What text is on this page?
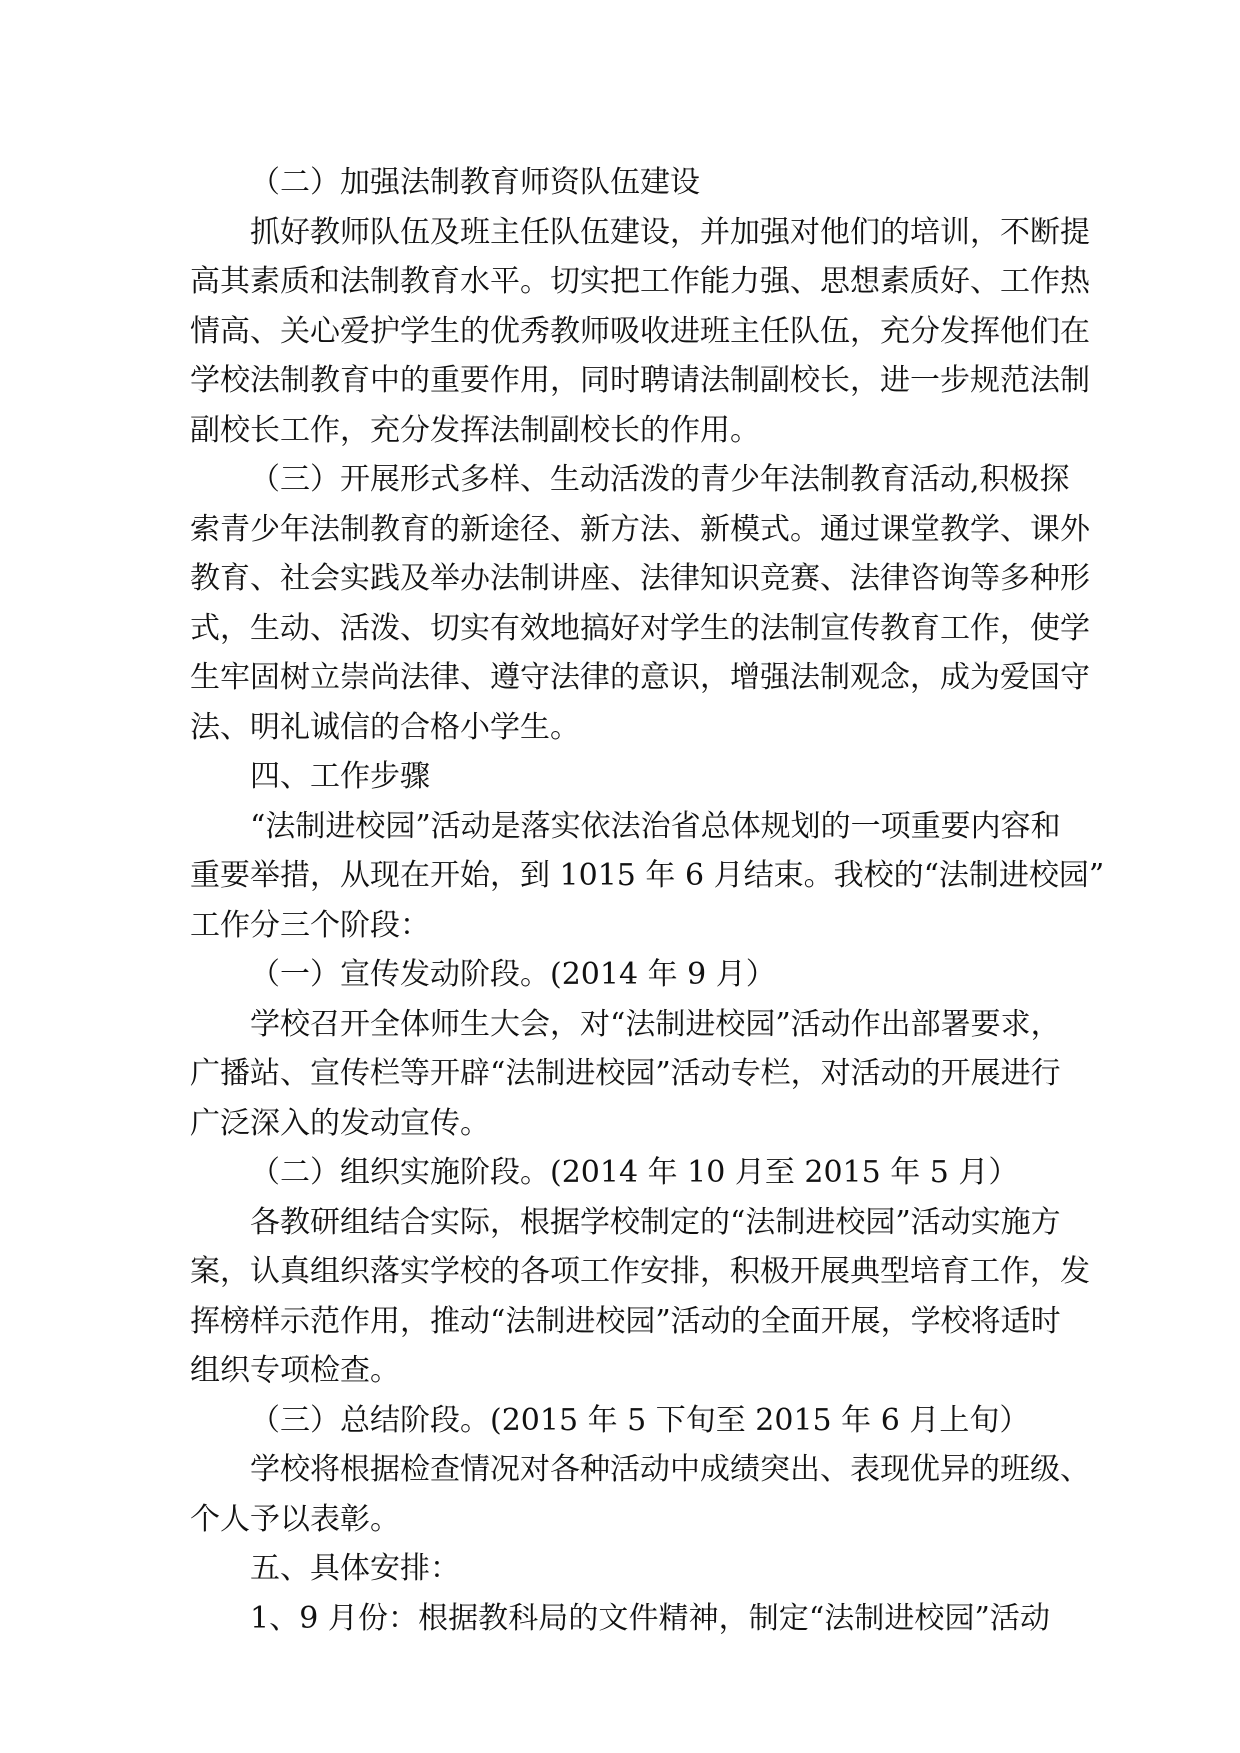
（二）加强法制教育师资队伍建设
抓好教师队伍及班主任队伍建设，并加强对他们的培训，不断提
高其素质和法制教育水平。切实把工作能力强、思想素质好、工作热
情高、关心爱护学生的优秀教师吸收进班主任队伍，充分发挥他们在
学校法制教育中的重要作用，同时聘请法制副校长，进一步规范法制
副校长工作，充分发挥法制副校长的作用。
（三）开展形式多样、生动活泼的青少年法制教育活动,积极探
索青少年法制教育的新途径、新方法、新模式。通过课堂教学、课外
教育、社会实践及举办法制讲座、法律知识竞赛、法律咨询等多种形
式，生动、活泼、切实有效地搞好对学生的法制宣传教育工作，使学
生牢固树立崇尚法律、遵守法律的意识，增强法制观念，成为爱国守
法、明礼诚信的合格小学生。
四、工作步骤
“法制进校园”活动是落实依法治省总体规划的一项重要内容和
重要举措，从现在开始，到 1015 年 6 月结束。我校的“法制进校园”
工作分三个阶段：
（一）宣传发动阶段。(2014 年 9 月）
学校召开全体师生大会，对“法制进校园”活动作出部署要求，
广播站、宣传栏等开辟“法制进校园”活动专栏，对活动的开展进行
广泛深入的发动宣传。
（二）组织实施阶段。(2014 年 10 月至 2015 年 5 月）
各教研组结合实际，根据学校制定的“法制进校园”活动实施方
案，认真组织落实学校的各项工作安排，积极开展典型培育工作，发
挥榜样示范作用，推动“法制进校园”活动的全面开展，学校将适时
组织专项检查。
（三）总结阶段。(2015 年 5 下旬至 2015 年 6 月上旬）
学校将根据检查情况对各种活动中成绩突出、表现优异的班级、
个人予以表彰。
五、具体安排：
1、9 月份：根据教科局的文件精神，制定“法制进校园”活动
